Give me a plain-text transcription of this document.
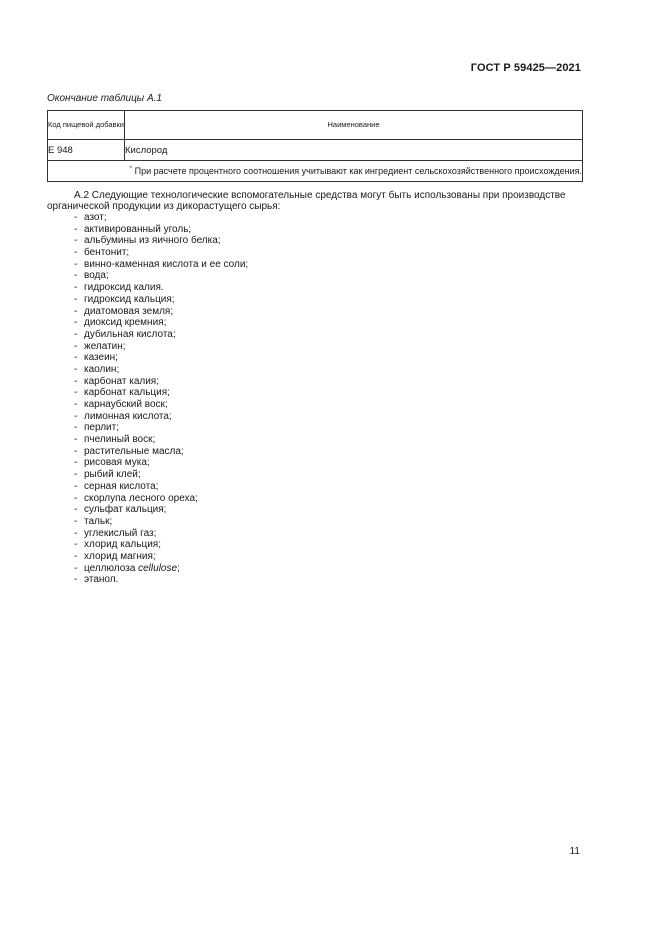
ГОСТ Р 59425—2021
Окончание таблицы А.1
Код пищевой добавки	Наименование
E 948	Кислород
* При расчете процентного соотношения учитывают как ингредиент сельскохозяйственного происхождения.	
А.2 Следующие технологические вспомогательные средства могут быть использованы при производстве органической продукции из дикорастущего сырья:
- азот;
- активированный уголь;
- альбумины из яичного белка;
- бентонит;
- винно-каменная кислота и ее соли;
- вода;
- гидроксид калия.
- гидроксид кальция;
- диатомовая земля;
- диоксид кремния;
- дубильная кислота;
- желатин;
- казеин;
- каолин;
- карбонат калия;
- карбонат кальция;
- карнаубский воск;
- лимонная кислота;
- перлит;
- пчелиный воск;
- растительные масла;
- рисовая мука;
- рыбий клей;
- серная кислота;
- скорлупа лесного ореха;
- сульфат кальция;
- тальк;
- углекислый газ;
- хлорид кальция;
- хлорид магния;
- целлюлоза cellulose;
- этанол.
11
